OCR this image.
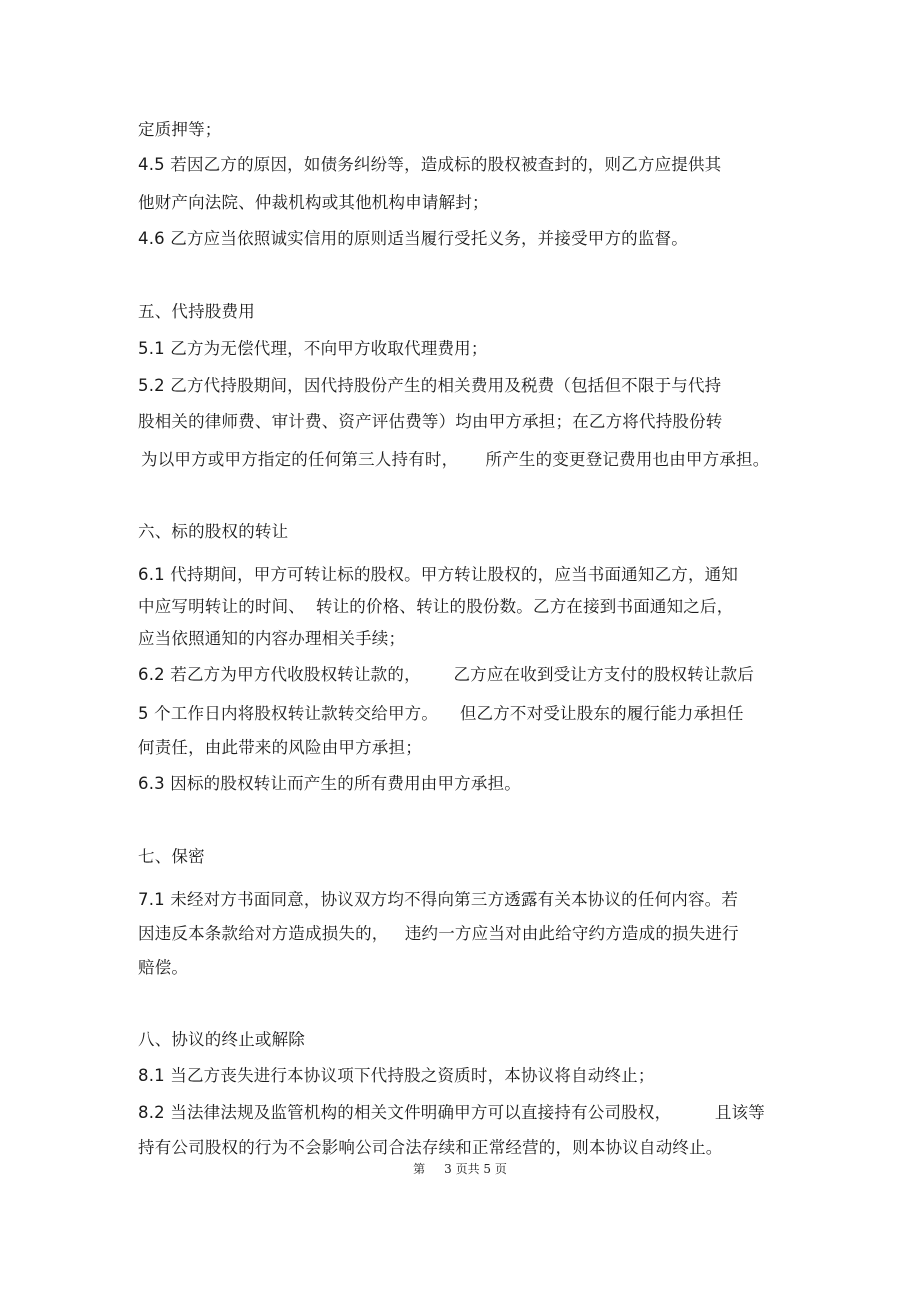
定质押等；
4.5 若因乙方的原因，如债务纠纷等，造成标的股权被查封的，则乙方应提供其
他财产向法院、仲裁机构或其他机构申请解封；
4.6 乙方应当依照诚实信用的原则适当履行受托义务，并接受甲方的监督。
五、代持股费用
5.1 乙方为无偿代理，不向甲方收取代理费用；
5.2 乙方代持股期间，因代持股份产生的相关费用及税费（包括但不限于与代持
股相关的律师费、审计费、资产评估费等）均由甲方承担；在乙方将代持股份转
为以甲方或甲方指定的任何第三人持有时，     所产生的变更登记费用也由甲方承担。
六、标的股权的转让
6.1 代持期间，甲方可转让标的股权。甲方转让股权的，应当书面通知乙方，通知
中应写明转让的时间、  转让的价格、转让的股份数。乙方在接到书面通知之后，
应当依照通知的内容办理相关手续；
6.2 若乙方为甲方代收股权转让款的，      乙方应在收到受让方支付的股权转让款后
5 个工作日内将股权转让款转交给甲方。    但乙方不对受让股东的履行能力承担任
何责任，由此带来的风险由甲方承担；
6.3 因标的股权转让而产生的所有费用由甲方承担。
七、保密
7.1 未经对方书面同意，协议双方均不得向第三方透露有关本协议的任何内容。若
因违反本条款给对方造成损失的，   违约一方应当对由此给守约方造成的损失进行
赔偿。
八、协议的终止或解除
8.1 当乙方丧失进行本协议项下代持股之资质时，本协议将自动终止；
8.2 当法律法规及监管机构的相关文件明确甲方可以直接持有公司股权，        且该等
持有公司股权的行为不会影响公司合法存续和正常经营的，则本协议自动终止。
第     3 页共 5 页
